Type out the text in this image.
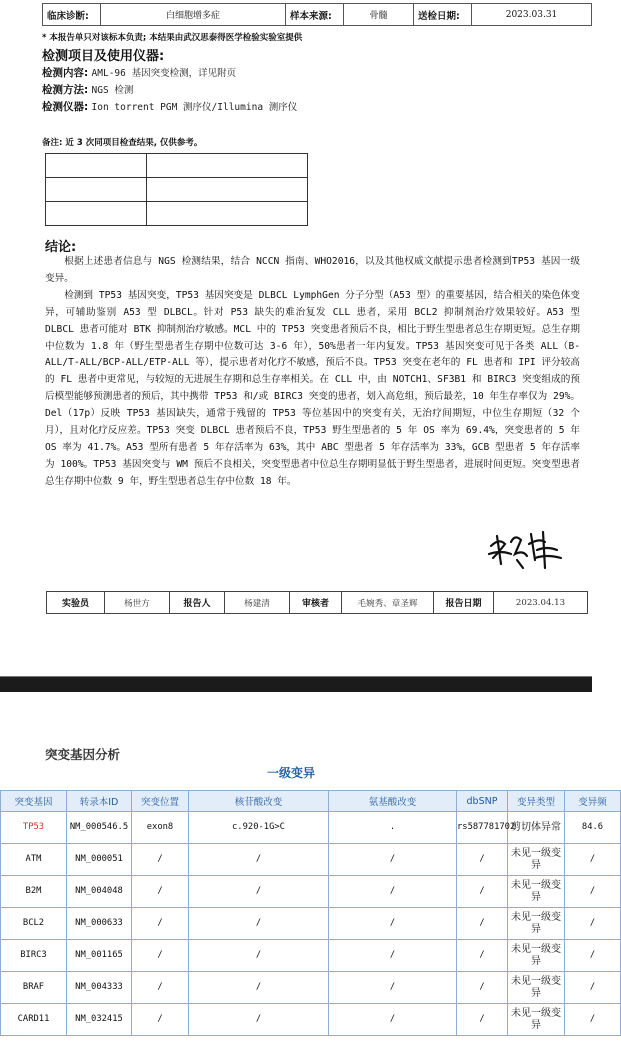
临床诊断:	白细胞增多症	样本来源:	骨髓	送检日期:	2023.03.31
* 本报告单只对该标本负责; 本结果由武汉思泰得医学检验实验室提供
检测项目及使用仪器:
检测内容: AML-96 基因突变检测，详见附页
检测方法: NGS 检测
检测仪器: Ion torrent PGM 测序仪/Illumina 测序仪
备注: 近 3 次同项目检查结果, 仅供参考。

结论:

根据上述患者信息与 NGS 检测结果，结合 NCCN 指南、WHO2016，以及其他权威文献提示患者检测到TP53 基因一级变异。

检测到 TP53 基因突变，TP53 基因突变是 DLBCL LymphGen 分子分型（A53 型）的重要基因，结合相关的染色体变异，可辅助鉴别 A53 型 DLBCL。针对 P53 缺失的难治复发 CLL 患者，采用 BCL2 抑制剂治疗效果较好。A53 型 DLBCL 患者可能对 BTK 抑制剂治疗敏感。MCL 中的 TP53 突变患者预后不良，相比于野生型患者总生存期更短。总生存期中位数为 1.8 年（野生型患者生存期中位数可达 3-6 年），50%患者一年内复发。TP53 基因突变可见于各类 ALL（B-ALL/T-ALL/BCP-ALL/ETP-ALL 等），提示患者对化疗不敏感，预后不良。TP53 突变在老年的 FL 患者和 IPI 评分较高的 FL 患者中更常见，与较短的无进展生存期和总生存率相关。在 CLL 中，由 NOTCH1、SF3B1 和 BIRC3 突变组成的预后模型能够预测患者的预后，其中携带 TP53 和/或 BIRC3 突变的患者，划入高危组，预后最差，10 年生存率仅为 29%。Del（17p）反映 TP53 基因缺失，通常于残留的 TP53 等位基因中的突变有关，无治疗间期短，中位生存期短（32 个月），且对化疗反应差。TP53 突变 DLBCL 患者预后不良，TP53 野生型患者的 5 年 OS 率为 69.4%，突变患者的 5 年 OS 率为 41.7%。A53 型所有患者 5 年存活率为 63%，其中 ABC 型患者 5 年存活率为 33%，GCB 型患者 5 年存活率为 100%。TP53 基因突变与 WM 预后不良相关，突变型患者中位总生存期明显低于野生型患者，进展时间更短。突变型患者总生存期中位数 9 年，野生型患者总生存中位数 18 年。

实验员	杨世方	报告人	杨建清	审核者	毛婉秀、章圣辉	报告日期	2023.04.13
突变基因分析
一级变异
突变基因	转录本ID	突变位置	核苷酸改变	氨基酸改变	dbSNP	变异类型	变异频
TP53	NM_000546.5	exon8	c.920-1G>C	.	rs587781702	剪切体异常	84.6
ATM	NM_000051	/	/	/	/	未见一级变异	/
B2M	NM_004048	/	/	/	/	未见一级变异	/
BCL2	NM_000633	/	/	/	/	未见一级变异	/
BIRC3	NM_001165	/	/	/	/	未见一级变异	/
BRAF	NM_004333	/	/	/	/	未见一级变异	/
CARD11	NM_032415	/	/	/	/	未见一级变异	/
